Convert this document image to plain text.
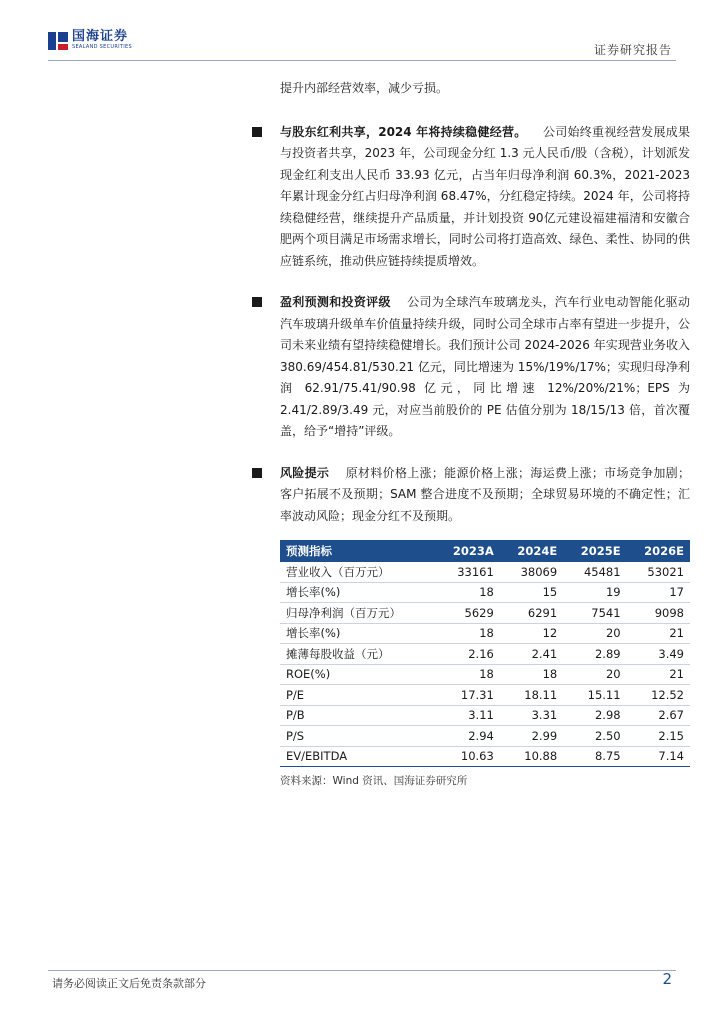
国海证券
SEALAND SECURITIES	证券研究报告
提升内部经营效率，减少亏损。
与股东红利共享，2024 年将持续稳健经营。 公司始终重视经营发展成果与投资者共享，2023 年，公司现金分红 1.3 元人民币/股（含税），计划派发现金红利支出人民币 33.93 亿元，占当年归母净利润 60.3%，2021-2023 年累计现金分红占归母净利润 68.47%，分红稳定持续。2024 年，公司将持续稳健经营，继续提升产品质量，并计划投资 90亿元建设福建福清和安徽合肥两个项目满足市场需求增长，同时公司将打造高效、绿色、柔性、协同的供应链系统，推动供应链持续提质增效。
盈利预测和投资评级 公司为全球汽车玻璃龙头，汽车行业电动智能化驱动汽车玻璃升级单车价值量持续升级，同时公司全球市占率有望进一步提升，公司未来业绩有望持续稳健增长。我们预计公司 2024-2026 年实现营业务收入 380.69/454.81/530.21 亿元，同比增速为 15%/19%/17%；实现归母净利润 62.91/75.41/90.98 亿元，同比增速 12%/20%/21%；EPS 为 2.41/2.89/3.49 元，对应当前股价的 PE 估值分别为 18/15/13 倍，首次覆盖，给予“增持”评级。
风险提示 原材料价格上涨；能源价格上涨；海运费上涨；市场竞争加剧；客户拓展不及预期；SAM 整合进度不及预期；全球贸易环境的不确定性；汇率波动风险；现金分红不及预期。
预测指标	2023A	2024E	2025E	2026E
营业收入（百万元）	33161	38069	45481	53021
增长率(%)	18	15	19	17
归母净利润（百万元）	5629	6291	7541	9098
增长率(%)	18	12	20	21
摊薄每股收益（元）	2.16	2.41	2.89	3.49
ROE(%)	18	18	20	21
P/E	17.31	18.11	15.11	12.52
P/B	3.11	3.31	2.98	2.67
P/S	2.94	2.99	2.50	2.15
EV/EBITDA	10.63	10.88	8.75	7.14
资料来源：Wind 资讯、国海证券研究所
请务必阅读正文后免责条款部分	2
